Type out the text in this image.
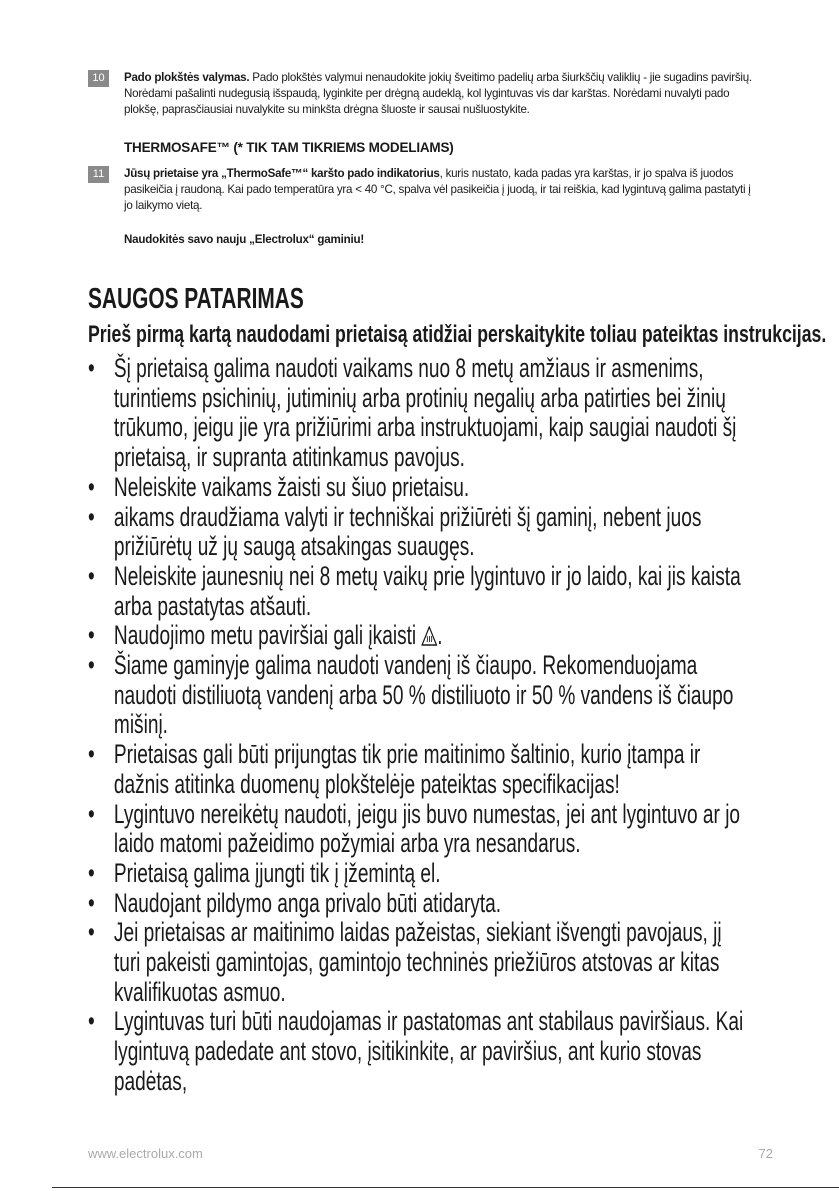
10	Pado plokštės valymas. Pado plokštės valymui nenaudokite jokių šveitimo padelių arba šiurkščių valiklių - jie sugadins paviršių. Norėdami pašalinti nudegusią išspaudą, lyginkite per drėgną audeklą, kol lygintuvas vis dar karštas. Norėdami nuvalyti pado plokšę, paprasčiausiai nuvalykite su minkšta drėgna šluoste ir sausai nušluostykite.
THERMOSAFE™ (* TIK TAM TIKRIEMS MODELIAMS)
11	Jūsų prietaise yra „ThermoSafe™“ karšto pado indikatorius, kuris nustato, kada padas yra karštas, ir jo spalva iš juodos pasikeičia į raudoną. Kai pado temperatūra yra < 40 °C, spalva vėl pasikeičia į juodą, ir tai reiškia, kad lygintuvą galima pastatyti į jo laikymo vietą.
Naudokitės savo nauju „Electrolux“ gaminiu!
SAUGOS PATARIMAS
Prieš pirmą kartą naudodami prietaisą atidžiai perskaitykite toliau pateiktas instrukcijas.
• Šį prietaisą galima naudoti vaikams nuo 8 metų amžiaus ir asmenims, turintiems psichinių, jutiminių arba protinių negalių arba patirties bei žinių trūkumo, jeigu jie yra prižiūrimi arba instruktuojami, kaip saugiai naudoti šį prietaisą, ir supranta atitinkamus pavojus.
• Neleiskite vaikams žaisti su šiuo prietaisu.
• aikams draudžiama valyti ir techniškai prižiūrėti šį gaminį, nebent juos prižiūrėtų už jų saugą atsakingas suaugęs.
• Neleiskite jaunesnių nei 8 metų vaikų prie lygintuvo ir jo laido, kai jis kaista arba pastatytas atšauti.
• Naudojimo metu paviršiai gali įkaisti .
• Šiame gaminyje galima naudoti vandenį iš čiaupo. Rekomenduojama naudoti distiliuotą vandenį arba 50 % distiliuoto ir 50 % vandens iš čiaupo mišinį.
• Prietaisas gali būti prijungtas tik prie maitinimo šaltinio, kurio įtampa ir dažnis atitinka duomenų plokštelėje pateiktas specifikacijas!
• Lygintuvo nereikėtų naudoti, jeigu jis buvo numestas, jei ant lygintuvo ar jo laido matomi pažeidimo požymiai arba yra nesandarus.
• Prietaisą galima įjungti tik į įžemintą el.
• Naudojant pildymo anga privalo būti atidaryta.
• Jei prietaisas ar maitinimo laidas pažeistas, siekiant išvengti pavojaus, jį turi pakeisti gamintojas, gamintojo techninės priežiūros atstovas ar kitas kvalifikuotas asmuo.
• Lygintuvas turi būti naudojamas ir pastatomas ant stabilaus paviršiaus. Kai lygintuvą padedate ant stovo, įsitikinkite, ar paviršius, ant kurio stovas padėtas,
www.electrolux.com	72
